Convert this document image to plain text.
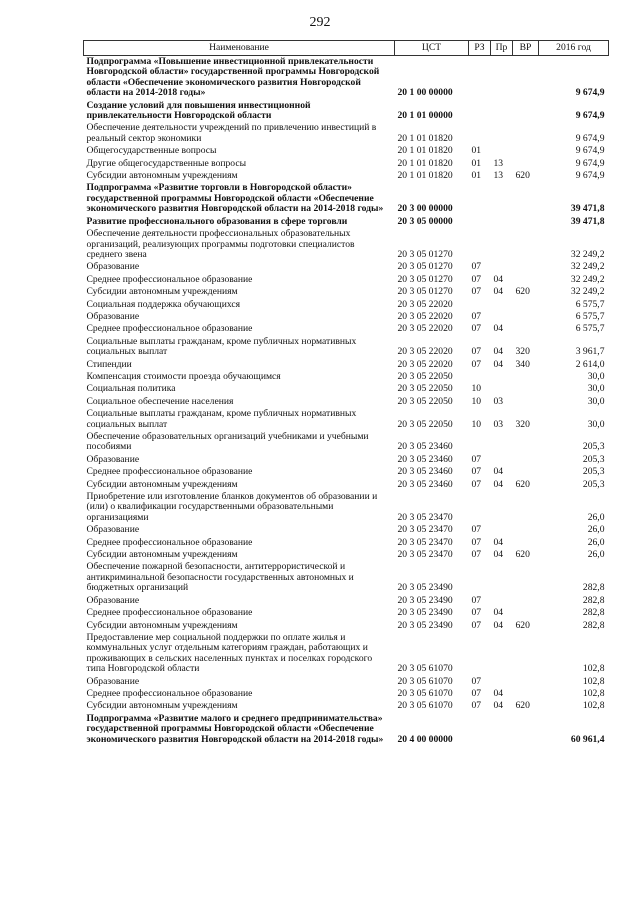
292
Наименование	ЦСТ	РЗ	Пр	ВР	2016 год
Подпрограмма «Повышение инвестиционной привлекательности Новгородской области» государственной программы Новгородской области «Обеспечение экономического развития Новгородской области на 2014-2018 годы»	20 1 00 00000				9 674,9
Создание условий для повышения инвестиционной привлекательности Новгородской области	20 1 01 00000				9 674,9
Обеспечение деятельности учреждений по привлечению инвестиций в реальный сектор экономики	20 1 01 01820				9 674,9
Общегосударственные вопросы	20 1 01 01820	01			9 674,9
Другие общегосударственные вопросы	20 1 01 01820	01	13		9 674,9
Субсидии автономным учреждениям	20 1 01 01820	01	13	620	9 674,9
Подпрограмма «Развитие торговли в Новгородской области» государственной программы Новгородской области «Обеспечение экономического развития Новгородской области на 2014-2018 годы»	20 3 00 00000				39 471,8
Развитие профессионального образования в сфере торговли	20 3 05 00000				39 471,8
Обеспечение деятельности профессиональных образовательных организаций, реализующих программы подготовки специалистов среднего звена	20 3 05 01270				32 249,2
Образование	20 3 05 01270	07			32 249,2
Среднее профессиональное образование	20 3 05 01270	07	04		32 249,2
Субсидии автономным учреждениям	20 3 05 01270	07	04	620	32 249,2
Социальная поддержка обучающихся	20 3 05 22020				6 575,7
Образование	20 3 05 22020	07			6 575,7
Среднее профессиональное образование	20 3 05 22020	07	04		6 575,7
Социальные выплаты гражданам, кроме публичных нормативных социальных выплат	20 3 05 22020	07	04	320	3 961,7
Стипендии	20 3 05 22020	07	04	340	2 614,0
Компенсация стоимости проезда обучающимся	20 3 05 22050				30,0
Социальная политика	20 3 05 22050	10			30,0
Социальное обеспечение населения	20 3 05 22050	10	03		30,0
Социальные выплаты гражданам, кроме публичных нормативных социальных выплат	20 3 05 22050	10	03	320	30,0
Обеспечение образовательных организаций учебниками и учебными пособиями	20 3 05 23460				205,3
Образование	20 3 05 23460	07			205,3
Среднее профессиональное образование	20 3 05 23460	07	04		205,3
Субсидии автономным учреждениям	20 3 05 23460	07	04	620	205,3
Приобретение или изготовление бланков документов об образовании и (или) о квалификации государственными образовательными организациями	20 3 05 23470				26,0
Образование	20 3 05 23470	07			26,0
Среднее профессиональное образование	20 3 05 23470	07	04		26,0
Субсидии автономным учреждениям	20 3 05 23470	07	04	620	26,0
Обеспечение пожарной безопасности, антитеррористической и антикриминальной безопасности государственных автономных и бюджетных организаций	20 3 05 23490				282,8
Образование	20 3 05 23490	07			282,8
Среднее профессиональное образование	20 3 05 23490	07	04		282,8
Субсидии автономным учреждениям	20 3 05 23490	07	04	620	282,8
Предоставление мер социальной поддержки по оплате жилья и коммунальных услуг отдельным категориям граждан, работающих и проживающих в сельских населенных пунктах и поселках городского типа Новгородской области	20 3 05 61070				102,8
Образование	20 3 05 61070	07			102,8
Среднее профессиональное образование	20 3 05 61070	07	04		102,8
Субсидии автономным учреждениям	20 3 05 61070	07	04	620	102,8
Подпрограмма «Развитие малого и среднего предпринимательства» государственной программы Новгородской области «Обеспечение экономического развития Новгородской области на 2014-2018 годы»	20 4 00 00000				60 961,4
